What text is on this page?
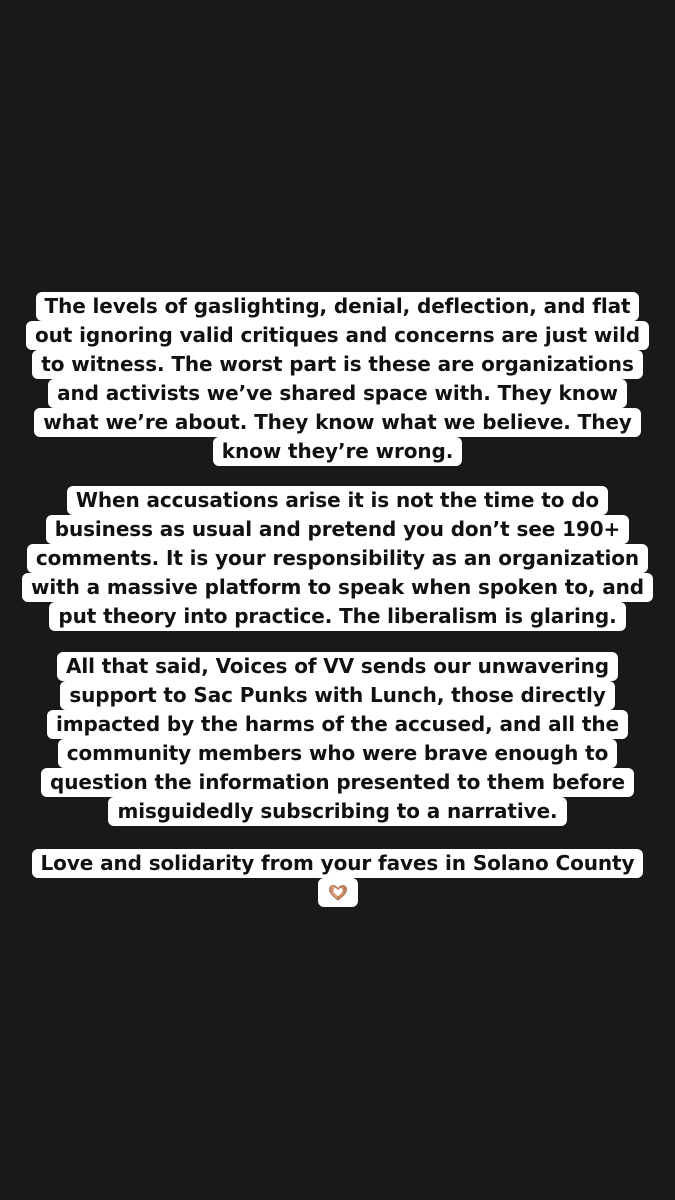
The levels of gaslighting, denial, deflection, and flat
out ignoring valid critiques and concerns are just wild
to witness. The worst part is these are organizations
and activists we’ve shared space with. They know
what we’re about. They know what we believe. They
know they’re wrong.
When accusations arise it is not the time to do
business as usual and pretend you don’t see 190+
comments. It is your responsibility as an organization
with a massive platform to speak when spoken to, and
put theory into practice. The liberalism is glaring.
All that said, Voices of VV sends our unwavering
support to Sac Punks with Lunch, those directly
impacted by the harms of the accused, and all the
community members who were brave enough to
question the information presented to them before
misguidedly subscribing to a narrative.
Love and solidarity from your faves in Solano County
